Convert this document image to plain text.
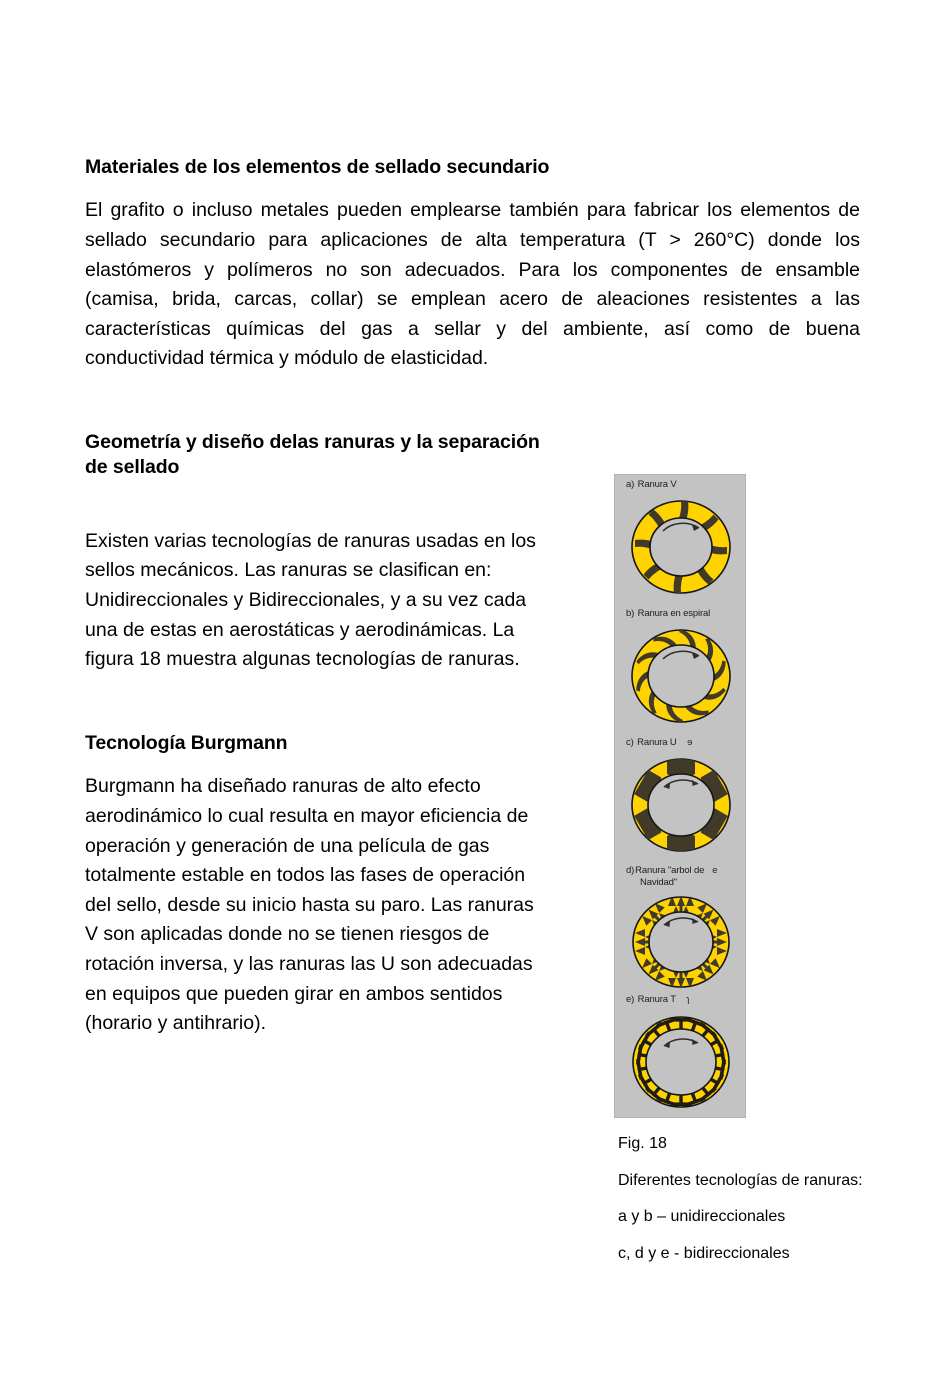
Materiales de los elementos de sellado secundario

El grafito o incluso metales pueden emplearse también para fabricar los elementos de sellado secundario para aplicaciones de alta temperatura (T > 260°C) donde los elastómeros y polímeros no son adecuados. Para los componentes de ensamble (camisa, brida, carcas, collar) se emplean acero de aleaciones resistentes a las características químicas del gas a sellar y del ambiente, así como de buena conductividad térmica y módulo de elasticidad.

Geometría y diseño delas ranuras y la separación de sellado

Existen varias tecnologías de ranuras usadas en los sellos mecánicos. Las ranuras se clasifican en: Unidireccionales y Bidireccionales, y a su vez cada una de estas en aerostáticas y aerodinámicas. La figura 18 muestra algunas tecnologías de ranuras.

Tecnología Burgmann

Burgmann ha diseñado ranuras de alto efecto aerodinámico lo cual resulta en mayor eficiencia de operación y generación de una película de gas totalmente estable en todos las fases de operación del sello, desde su inicio hasta su paro. Las ranuras V son aplicadas donde no se tienen riesgos de rotación inversa, y las ranuras las U son adecuadas en equipos que pueden girar en ambos sentidos (horario y antihrario).

a) Ranura V
b) Ranura en espiral
c) Ranura U ɘ
d)Ranura "arbol de e
Navidad"
e) Ranura T ɿ

Fig. 18

Diferentes tecnologías de ranuras:

a y b – unidireccionales

c, d y e - bidireccionales
